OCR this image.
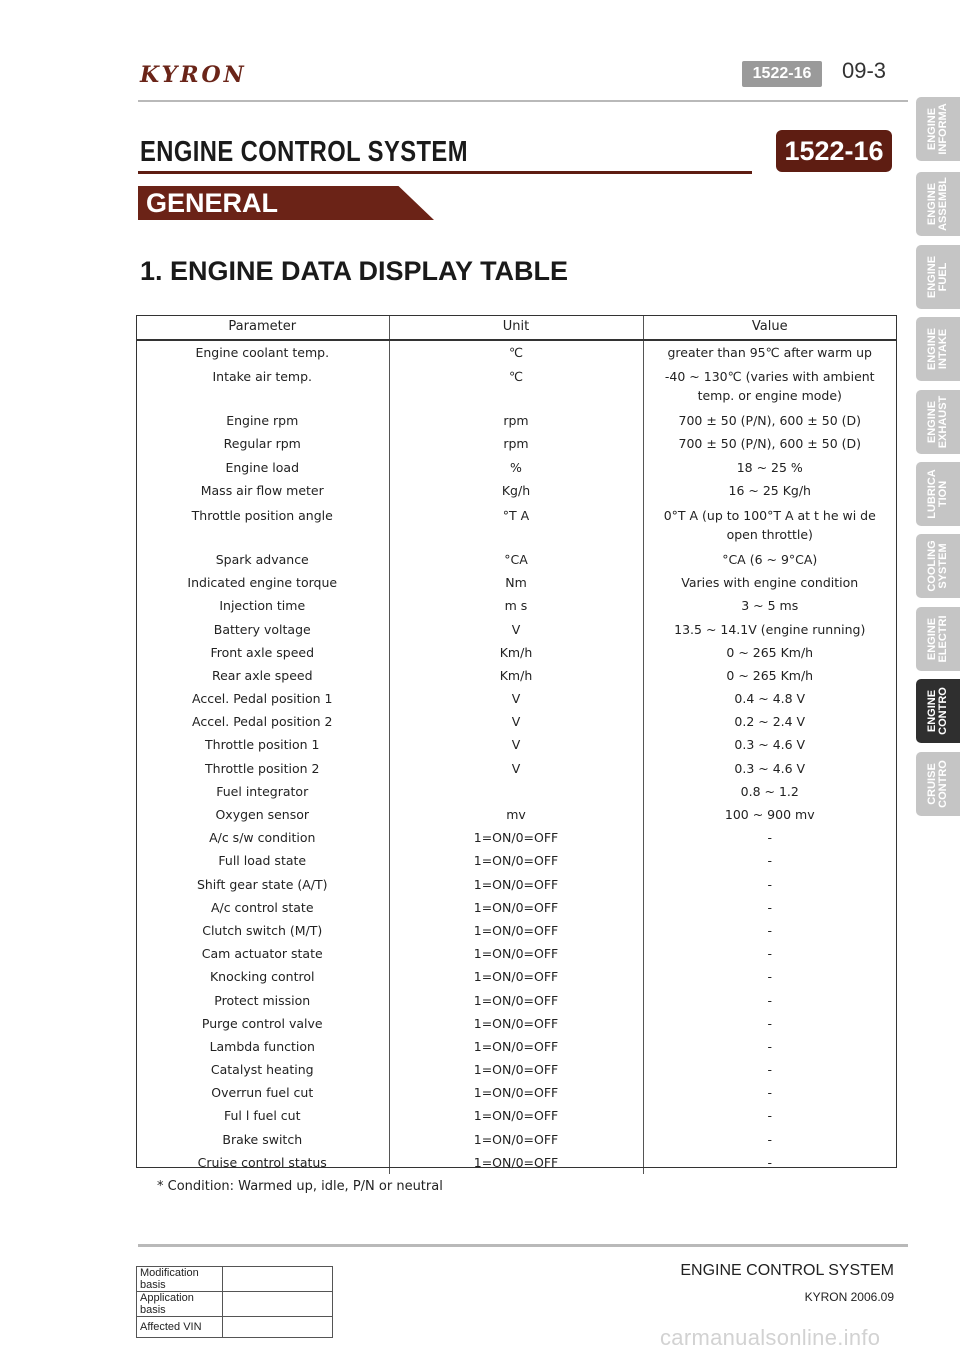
KYRON	1522-16	09-3
ENGINE CONTROL SYSTEM	1522-16
GENERAL
1. ENGINE DATA DISPLAY TABLE
Parameter	Unit	Value
Engine coolant temp.	℃	greater than 95℃ after warm up
Intake air temp.	℃	-40 ~ 130℃ (varies with ambient temp. or engine mode)
Engine rpm	rpm	700 ± 50 (P/N), 600 ± 50 (D)
Regular rpm	rpm	700 ± 50 (P/N), 600 ± 50 (D)
Engine load	%	18 ~ 25 %
Mass air flow meter	Kg/h	16 ~ 25 Kg/h
Throttle position angle	°T A	0°T A (up to 100°T A at t he wi de open throttle)
Spark advance	°CA	°CA (6 ~ 9°CA)
Indicated engine torque	Nm	Varies with engine condition
Injection time	m s	3 ~ 5 ms
Battery voltage	V	13.5 ~ 14.1V (engine running)
Front axle speed	Km/h	0 ~ 265 Km/h
Rear axle speed	Km/h	0 ~ 265 Km/h
Accel. Pedal position 1	V	0.4 ~ 4.8 V
Accel. Pedal position 2	V	0.2 ~ 2.4 V
Throttle position 1	V	0.3 ~ 4.6 V
Throttle position 2	V	0.3 ~ 4.6 V
Fuel integrator		0.8 ~ 1.2
Oxygen sensor	mv	100 ~ 900 mv
A/c s/w condition	1=ON/0=OFF	-
Full load state	1=ON/0=OFF	-
Shift gear state (A/T)	1=ON/0=OFF	-
A/c control state	1=ON/0=OFF	-
Clutch switch (M/T)	1=ON/0=OFF	-
Cam actuator state	1=ON/0=OFF	-
Knocking control	1=ON/0=OFF	-
Protect mission	1=ON/0=OFF	-
Purge control valve	1=ON/0=OFF	-
Lambda function	1=ON/0=OFF	-
Catalyst heating	1=ON/0=OFF	-
Overrun fuel cut	1=ON/0=OFF	-
Ful l fuel cut	1=ON/0=OFF	-
Brake switch	1=ON/0=OFF	-
Cruise control status	1=ON/0=OFF	-
* Condition: Warmed up, idle, P/N or neutral
ENGINE
INFORMA
ENGINE
ASSEMBL
ENGINE
FUEL
ENGINE
INTAKE
ENGINE
EXHAUST
LUBRICA
TION
COOLING
SYSTEM
ENGINE
ELECTRI
ENGINE
CONTRO
CRUISE
CONTRO
Modification basis	
Application basis	
Affected VIN	
ENGINE CONTROL SYSTEM
KYRON 2006.09
carmanualsonline.info
